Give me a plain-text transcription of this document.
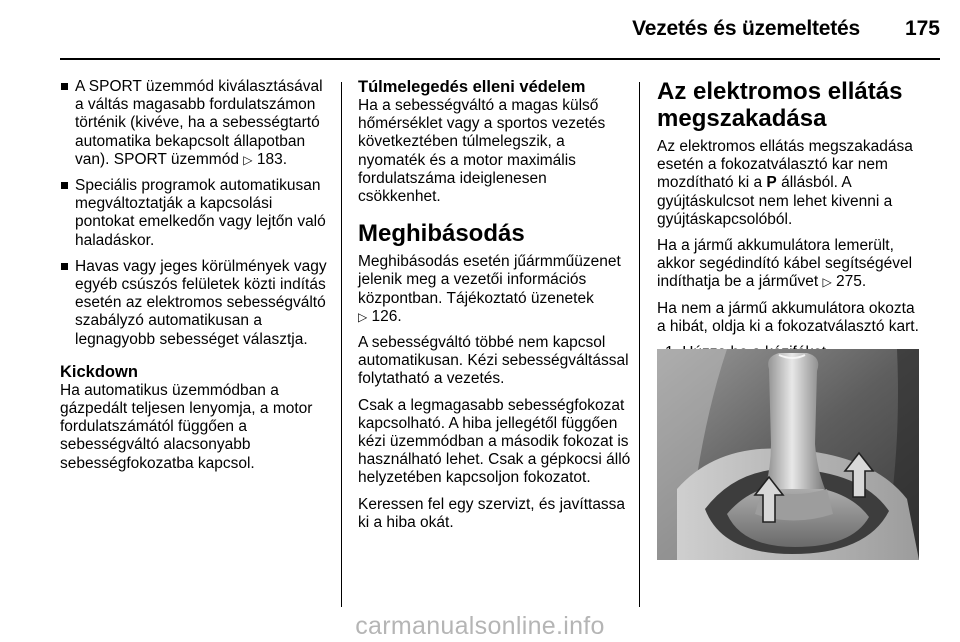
Vezetés és üzemeltetés	175
A SPORT üzemmód kiválasztásával a váltás magasabb fordulatszámon történik (kivéve, ha a sebességtartó automatika bekapcsolt állapotban van). SPORT üzemmód ▷ 183.
Speciális programok automatikusan megváltoztatják a kapcsolási pontokat emelkedőn vagy lejtőn való haladáskor.
Havas vagy jeges körülmények vagy egyéb csúszós felületek közti indítás esetén az elektromos sebességváltó szabályzó automatikusan a legnagyobb sebességet választja.
Kickdown

Ha automatikus üzemmódban a gázpedált teljesen lenyomja, a motor fordulatszámától függően a sebességváltó alacsonyabb sebességfokozatba kapcsol.

Túlmelegedés elleni védelem

Ha a sebességváltó a magas külső hőmérséklet vagy a sportos vezetés következtében túlmelegszik, a nyomaték és a motor maximális fordulatszáma ideiglenesen csökkenhet.

Meghibásodás

Meghibásodás esetén jűármműüzenet jelenik meg a vezetői információs központban. Tájékoztató üzenetek
▷ 126.

A sebességváltó többé nem kapcsol automatikusan. Kézi sebességváltással folytatható a vezetés.

Csak a legmagasabb sebességfokozat kapcsolható. A hiba jellegétől függően kézi üzemmódban a második fokozat is használható lehet. Csak a gépkocsi álló helyzetében kapcsoljon fokozatot.

Keressen fel egy szervizt, és javíttassa ki a hiba okát.

Az elektromos ellátás megszakadása

Az elektromos ellátás megszakadása esetén a fokozatválasztó kar nem mozdítható ki a P állásból. A gyújtáskulcsot nem lehet kivenni a gyújtáskapcsolóból.

Ha a jármű akkumulátora lemerült, akkor segédindító kábel segítségével indíthatja be a járművet ▷ 275.

Ha nem a jármű akkumulátora okozta a hibát, oldja ki a fokozatválasztó kart.

carmanualsonline.info
